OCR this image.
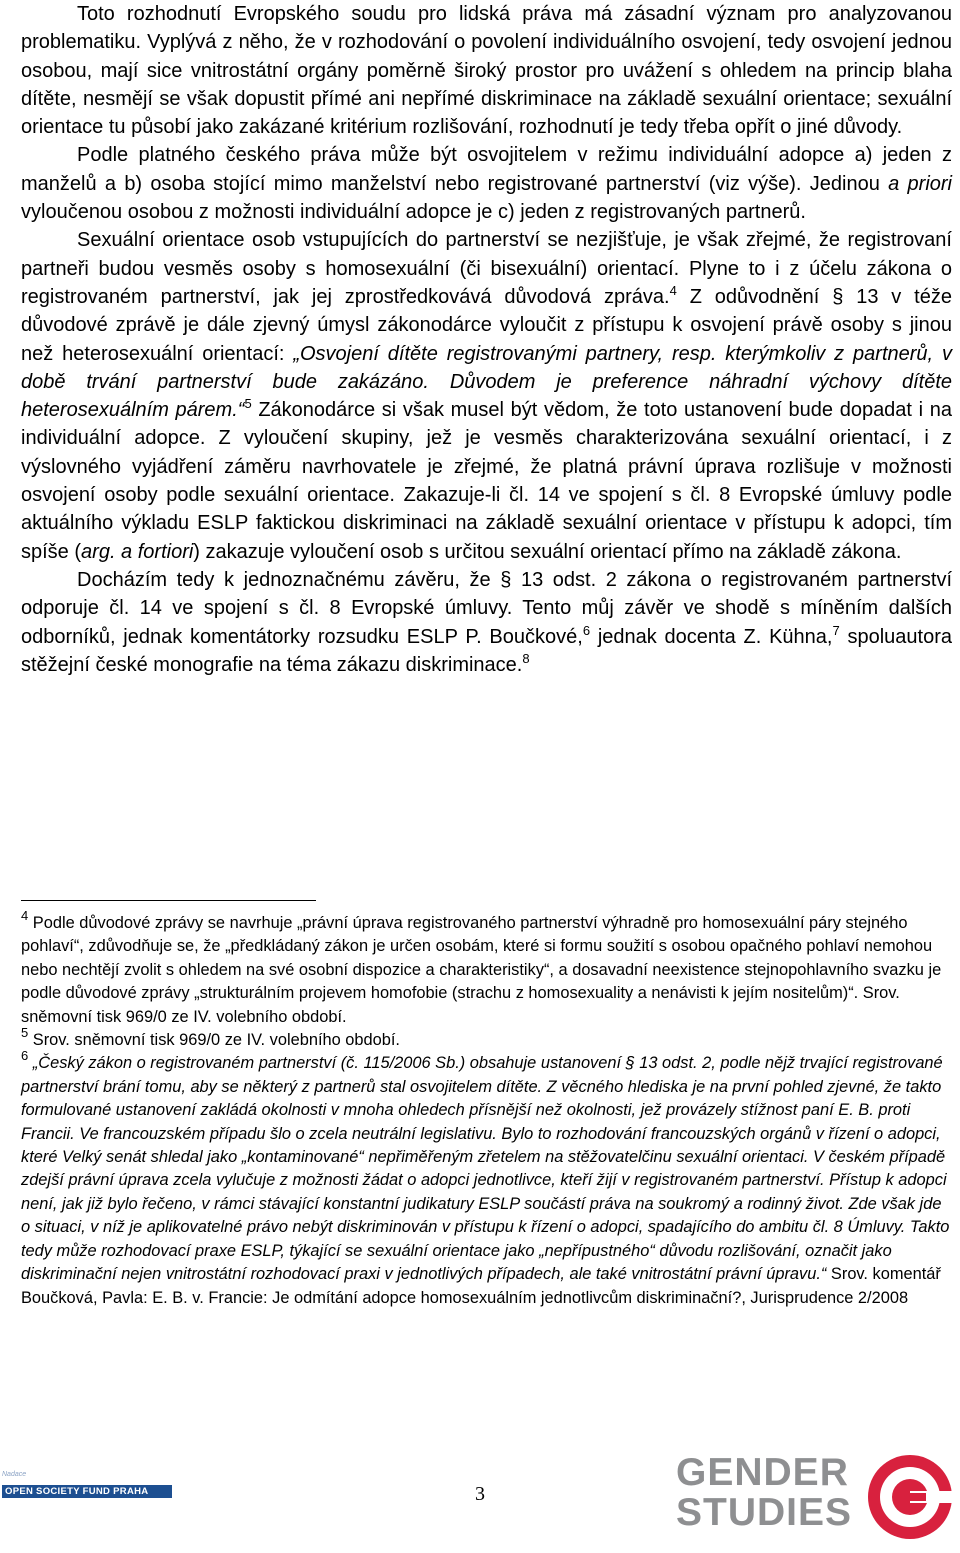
Toto rozhodnutí Evropského soudu pro lidská práva má zásadní význam pro analyzovanou problematiku. Vyplývá z něho, že v rozhodování o povolení individuálního osvojení, tedy osvojení jednou osobou, mají sice vnitrostátní orgány poměrně široký prostor pro uvážení s ohledem na princip blaha dítěte, nesmějí se však dopustit přímé ani nepřímé diskriminace na základě sexuální orientace; sexuální orientace tu působí jako zakázané kritérium rozlišování, rozhodnutí je tedy třeba opřít o jiné důvody.

Podle platného českého práva může být osvojitelem v režimu individuální adopce a) jeden z manželů a b) osoba stojící mimo manželství nebo registrované partnerství (viz výše). Jedinou a priori vyloučenou osobou z možnosti individuální adopce je c) jeden z registrovaných partnerů.

Sexuální orientace osob vstupujících do partnerství se nezjišťuje, je však zřejmé, že registrovaní partneři budou vesměs osoby s homosexuální (či bisexuální) orientací. Plyne to i z účelu zákona o registrovaném partnerství, jak jej zprostředkovává důvodová zpráva.$^4$ Z odůvodnění § 13 v téže důvodové zprávě je dále zjevný úmysl zákonodárce vyloučit z přístupu k osvojení právě osoby s jinou než heterosexuální orientací: „Osvojení dítěte registrovanými partnery, resp. kterýmkoliv z partnerů, v době trvání partnerství bude zakázáno. Důvodem je preference náhradní výchovy dítěte heterosexuálním párem.“$^5$ Zákonodárce si však musel být vědom, že toto ustanovení bude dopadat i na individuální adopce. Z vyloučení skupiny, jež je vesměs charakterizována sexuální orientací, i z výslovného vyjádření záměru navrhovatele je zřejmé, že platná právní úprava rozlišuje v možnosti osvojení osoby podle sexuální orientace. Zakazuje-li čl. 14 ve spojení s čl. 8 Evropské úmluvy podle aktuálního výkladu ESLP faktickou diskriminaci na základě sexuální orientace v přístupu k adopci, tím spíše (arg. a fortiori) zakazuje vyloučení osob s určitou sexuální orientací přímo na základě zákona.

Docházím tedy k jednoznačnému závěru, že § 13 odst. 2 zákona o registrovaném partnerství odporuje čl. 14 ve spojení s čl. 8 Evropské úmluvy. Tento můj závěr ve shodě s míněním dalších odborníků, jednak komentátorky rozsudku ESLP P. Boučkové,$^6$ jednak docenta Z. Kühna,$^7$ spoluautora stěžejní české monografie na téma zákazu diskriminace.$^8$

$^4$ Podle důvodové zprávy se navrhuje „právní úprava registrovaného partnerství výhradně pro homosexuální páry stejného pohlaví“, zdůvodňuje se, že „předkládaný zákon je určen osobám, které si formu soužití s osobou opačného pohlaví nemohou nebo nechtějí zvolit s ohledem na své osobní dispozice a charakteristiky“, a dosavadní neexistence stejnopohlavního svazku je podle důvodové zprávy „strukturálním projevem homofobie (strachu z homosexuality a nenávisti k jejím nositelům)“. Srov. sněmovní tisk 969/0 ze IV. volebního období.

$^5$ Srov. sněmovní tisk 969/0 ze IV. volebního období.

$^6$ „Český zákon o registrovaném partnerství (č. 115/2006 Sb.) obsahuje ustanovení § 13 odst. 2, podle nějž trvající registrované partnerství brání tomu, aby se některý z partnerů stal osvojitelem dítěte. Z věcného hlediska je na první pohled zjevné, že takto formulované ustanovení zakládá okolnosti v mnoha ohledech přísnější než okolnosti, jež provázely stížnost paní E. B. proti Francii. Ve francouzském případu šlo o zcela neutrální legislativu. Bylo to rozhodování francouzských orgánů v řízení o adopci, které Velký senát shledal jako „kontaminované“ nepřiměřeným zřetelem na stěžovatelčinu sexuální orientaci. V českém případě zdejší právní úprava zcela vylučuje z možnosti žádat o adopci jednotlivce, kteří žijí v registrovaném partnerství. Přístup k adopci není, jak již bylo řečeno, v rámci stávající konstantní judikatury ESLP součástí práva na soukromý a rodinný život. Zde však jde o situaci, v níž je aplikovatelné právo nebýt diskriminován v přístupu k řízení o adopci, spadajícího do ambitu čl. 8 Úmluvy. Takto tedy může rozhodovací praxe ESLP, týkající se sexuální orientace jako „nepřípustného“ důvodu rozlišování, označit jako diskriminační nejen vnitrostátní rozhodovací praxi v jednotlivých případech, ale také vnitrostátní právní úpravu.“ Srov. komentář Boučková, Pavla: E. B. v. Francie: Je odmítání adopce homosexuálním jednotlivcům diskriminační?, Jurisprudence 2/2008

Nadace
OPEN SOCIETY FUND PRAHA	3	GENDER
STUDIES
